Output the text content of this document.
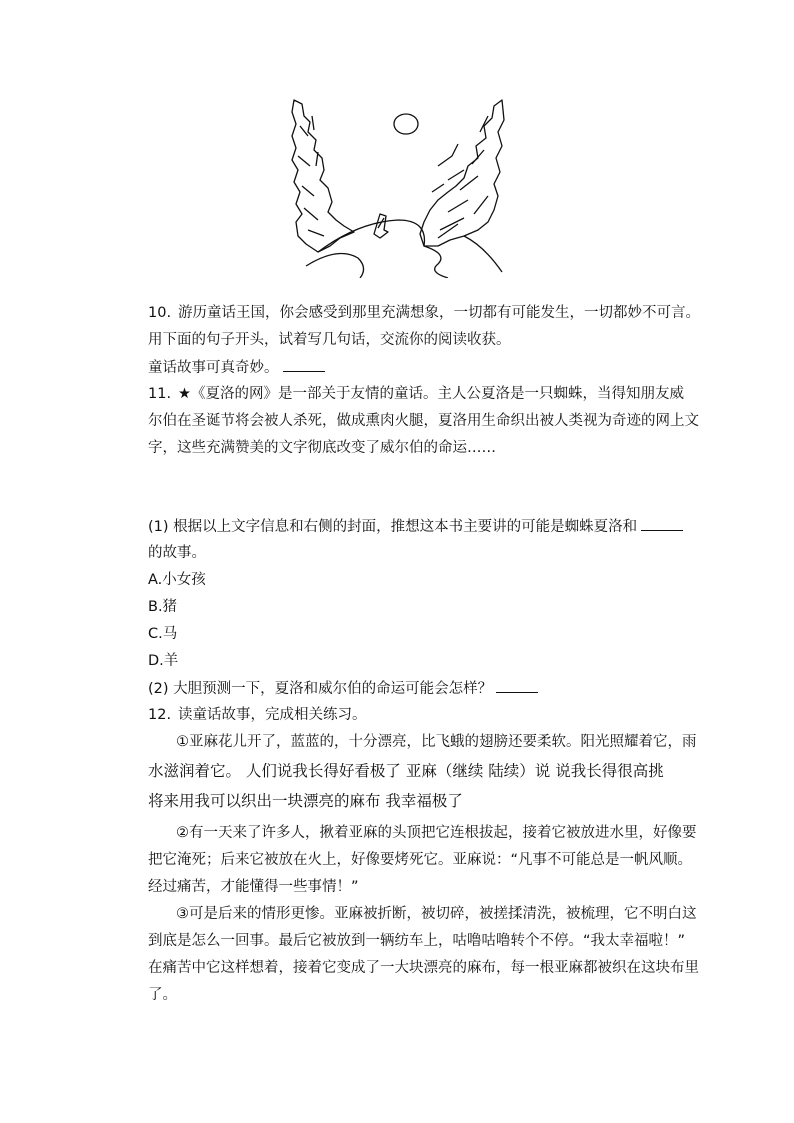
10. 游历童话王国，你会感受到那里充满想象，一切都有可能发生，一切都妙不可言。
用下面的句子开头，试着写几句话，交流你的阅读收获。
童话故事可真奇妙。
11. ★《夏洛的网》是一部关于友情的童话。主人公夏洛是一只蜘蛛，当得知朋友威
尔伯在圣诞节将会被人杀死，做成熏肉火腿，夏洛用生命织出被人类视为奇迹的网上文
字，这些充满赞美的文字彻底改变了威尔伯的命运……
(1) 根据以上文字信息和右侧的封面，推想这本书主要讲的可能是蜘蛛夏洛和
的故事。
A.小女孩
B.猪
C.马
D.羊
(2) 大胆预测一下，夏洛和威尔伯的命运可能会怎样？
12. 读童话故事，完成相关练习。
①亚麻花儿开了，蓝蓝的，十分漂亮，比飞蛾的翅膀还要柔软。阳光照耀着它，雨
水滋润着它。 人们说我长得好看极了 亚麻（继续 陆续）说 说我长得很高挑
将来用我可以织出一块漂亮的麻布 我幸福极了
②有一天来了许多人，揪着亚麻的头顶把它连根拔起，接着它被放进水里，好像要
把它淹死；后来它被放在火上，好像要烤死它。亚麻说：“凡事不可能总是一帆风顺。
经过痛苦，才能懂得一些事情！”
③可是后来的情形更惨。亚麻被折断，被切碎，被搓揉清洗，被梳理，它不明白这
到底是怎么一回事。最后它被放到一辆纺车上，咕噜咕噜转个不停。“我太幸福啦！”
在痛苦中它这样想着，接着它变成了一大块漂亮的麻布，每一根亚麻都被织在这块布里
了。
